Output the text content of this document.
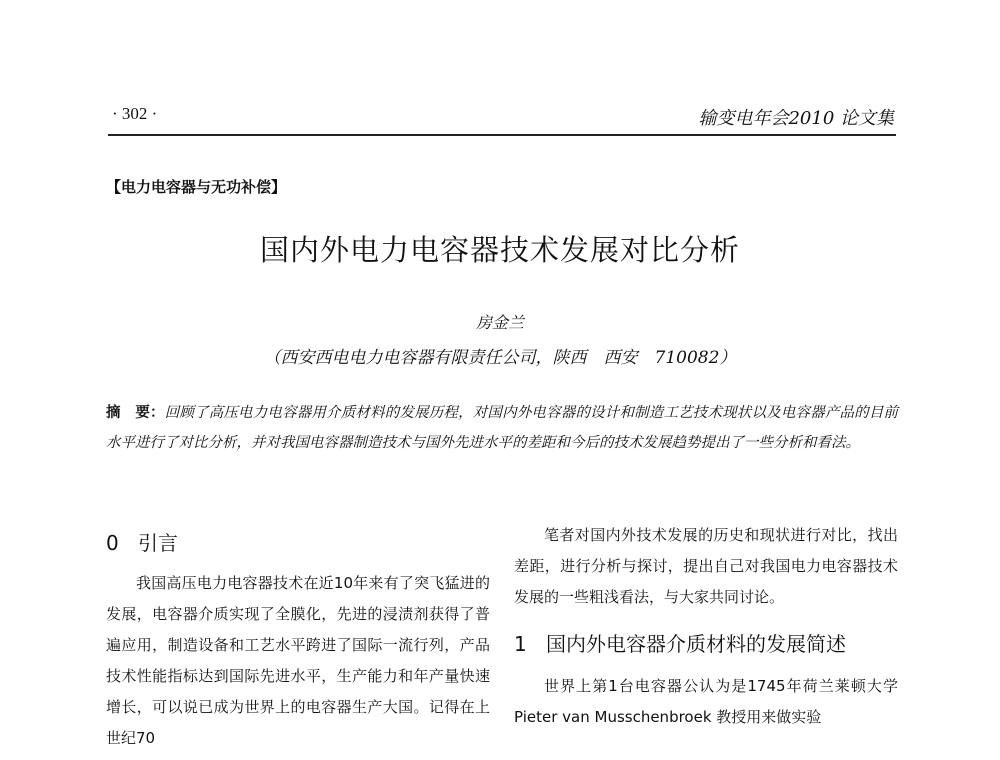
· 302 ·	输变电年会2010 论文集
【电力电容器与无功补偿】
国内外电力电容器技术发展对比分析
房金兰
（西安西电电力电容器有限责任公司，陕西　西安　710082）
摘　要：回顾了高压电力电容器用介质材料的发展历程，对国内外电容器的设计和制造工艺技术现状以及电容器产品的目前水平进行了对比分析，并对我国电容器制造技术与国外先进水平的差距和今后的技术发展趋势提出了一些分析和看法。
0 引言

我国高压电力电容器技术在近10年来有了突飞猛进的发展，电容器介质实现了全膜化，先进的浸渍剂获得了普遍应用，制造设备和工艺水平跨进了国际一流行列，产品技术性能指标达到国际先进水平，生产能力和年产量快速增长，可以说已成为世界上的电容器生产大国。记得在上世纪70

笔者对国内外技术发展的历史和现状进行对比，找出差距，进行分析与探讨，提出自己对我国电力电容器技术发展的一些粗浅看法，与大家共同讨论。

1 国内外电容器介质材料的发展简述

世界上第1台电容器公认为是1745年荷兰莱顿大学 Pieter van Musschenbroek 教授用来做实验
